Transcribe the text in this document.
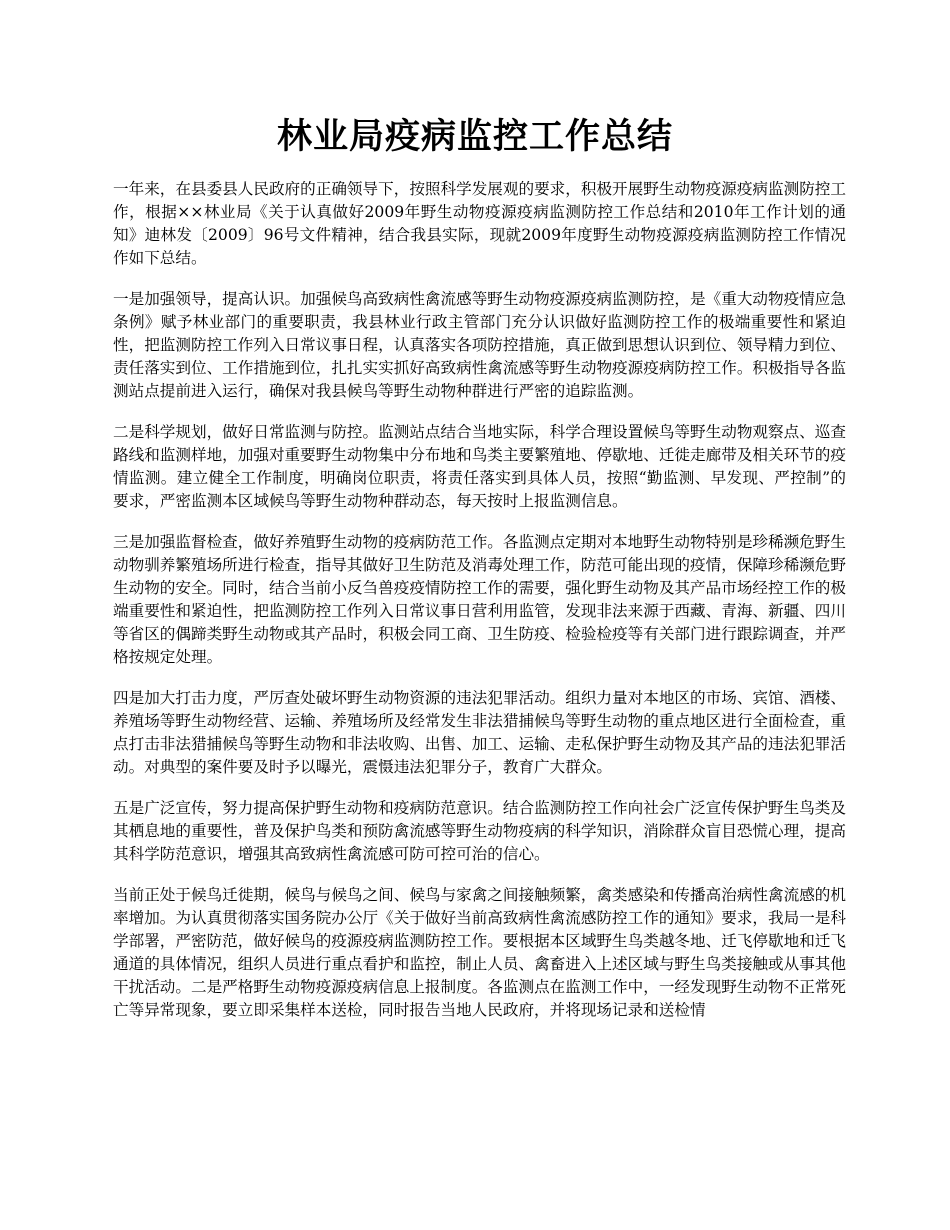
林业局疫病监控工作总结

一年来，在县委县人民政府的正确领导下，按照科学发展观的要求，积极开展野生动物疫源疫病监测防控工作，根据××林业局《关于认真做好2009年野生动物疫源疫病监测防控工作总结和2010年工作计划的通知》迪林发〔2009〕96号文件精神，结合我县实际，现就2009年度野生动物疫源疫病监测防控工作情况作如下总结。

一是加强领导，提高认识。加强候鸟高致病性禽流感等野生动物疫源疫病监测防控，是《重大动物疫情应急条例》赋予林业部门的重要职责，我县林业行政主管部门充分认识做好监测防控工作的极端重要性和紧迫性，把监测防控工作列入日常议事日程，认真落实各项防控措施，真正做到思想认识到位、领导精力到位、责任落实到位、工作措施到位，扎扎实实抓好高致病性禽流感等野生动物疫源疫病防控工作。积极指导各监测站点提前进入运行，确保对我县候鸟等野生动物种群进行严密的追踪监测。

二是科学规划，做好日常监测与防控。监测站点结合当地实际，科学合理设置候鸟等野生动物观察点、巡查路线和监测样地，加强对重要野生动物集中分布地和鸟类主要繁殖地、停歇地、迁徙走廊带及相关环节的疫情监测。建立健全工作制度，明确岗位职责，将责任落实到具体人员，按照“勤监测、早发现、严控制”的要求，严密监测本区域候鸟等野生动物种群动态，每天按时上报监测信息。

三是加强监督检查，做好养殖野生动物的疫病防范工作。各监测点定期对本地野生动物特别是珍稀濒危野生动物驯养繁殖场所进行检查，指导其做好卫生防范及消毒处理工作，防范可能出现的疫情，保障珍稀濒危野生动物的安全。同时，结合当前小反刍兽疫疫情防控工作的需要，强化野生动物及其产品市场经控工作的极端重要性和紧迫性，把监测防控工作列入日常议事日营利用监管，发现非法来源于西藏、青海、新疆、四川等省区的偶蹄类野生动物或其产品时，积极会同工商、卫生防疫、检验检疫等有关部门进行跟踪调查，并严格按规定处理。

四是加大打击力度，严厉查处破坏野生动物资源的违法犯罪活动。组织力量对本地区的市场、宾馆、酒楼、养殖场等野生动物经营、运输、养殖场所及经常发生非法猎捕候鸟等野生动物的重点地区进行全面检查，重点打击非法猎捕候鸟等野生动物和非法收购、出售、加工、运输、走私保护野生动物及其产品的违法犯罪活动。对典型的案件要及时予以曝光，震慑违法犯罪分子，教育广大群众。

五是广泛宣传，努力提高保护野生动物和疫病防范意识。结合监测防控工作向社会广泛宣传保护野生鸟类及其栖息地的重要性，普及保护鸟类和预防禽流感等野生动物疫病的科学知识，消除群众盲目恐慌心理，提高其科学防范意识，增强其高致病性禽流感可防可控可治的信心。

当前正处于候鸟迁徙期，候鸟与候鸟之间、候鸟与家禽之间接触频繁，禽类感染和传播高治病性禽流感的机率增加。为认真贯彻落实国务院办公厅《关于做好当前高致病性禽流感防控工作的通知》要求，我局一是科学部署，严密防范，做好候鸟的疫源疫病监测防控工作。要根据本区域野生鸟类越冬地、迁飞停歇地和迁飞通道的具体情况，组织人员进行重点看护和监控，制止人员、禽畜进入上述区域与野生鸟类接触或从事其他干扰活动。二是严格野生动物疫源疫病信息上报制度。各监测点在监测工作中，一经发现野生动物不正常死亡等异常现象，要立即采集样本送检，同时报告当地人民政府，并将现场记录和送检情
